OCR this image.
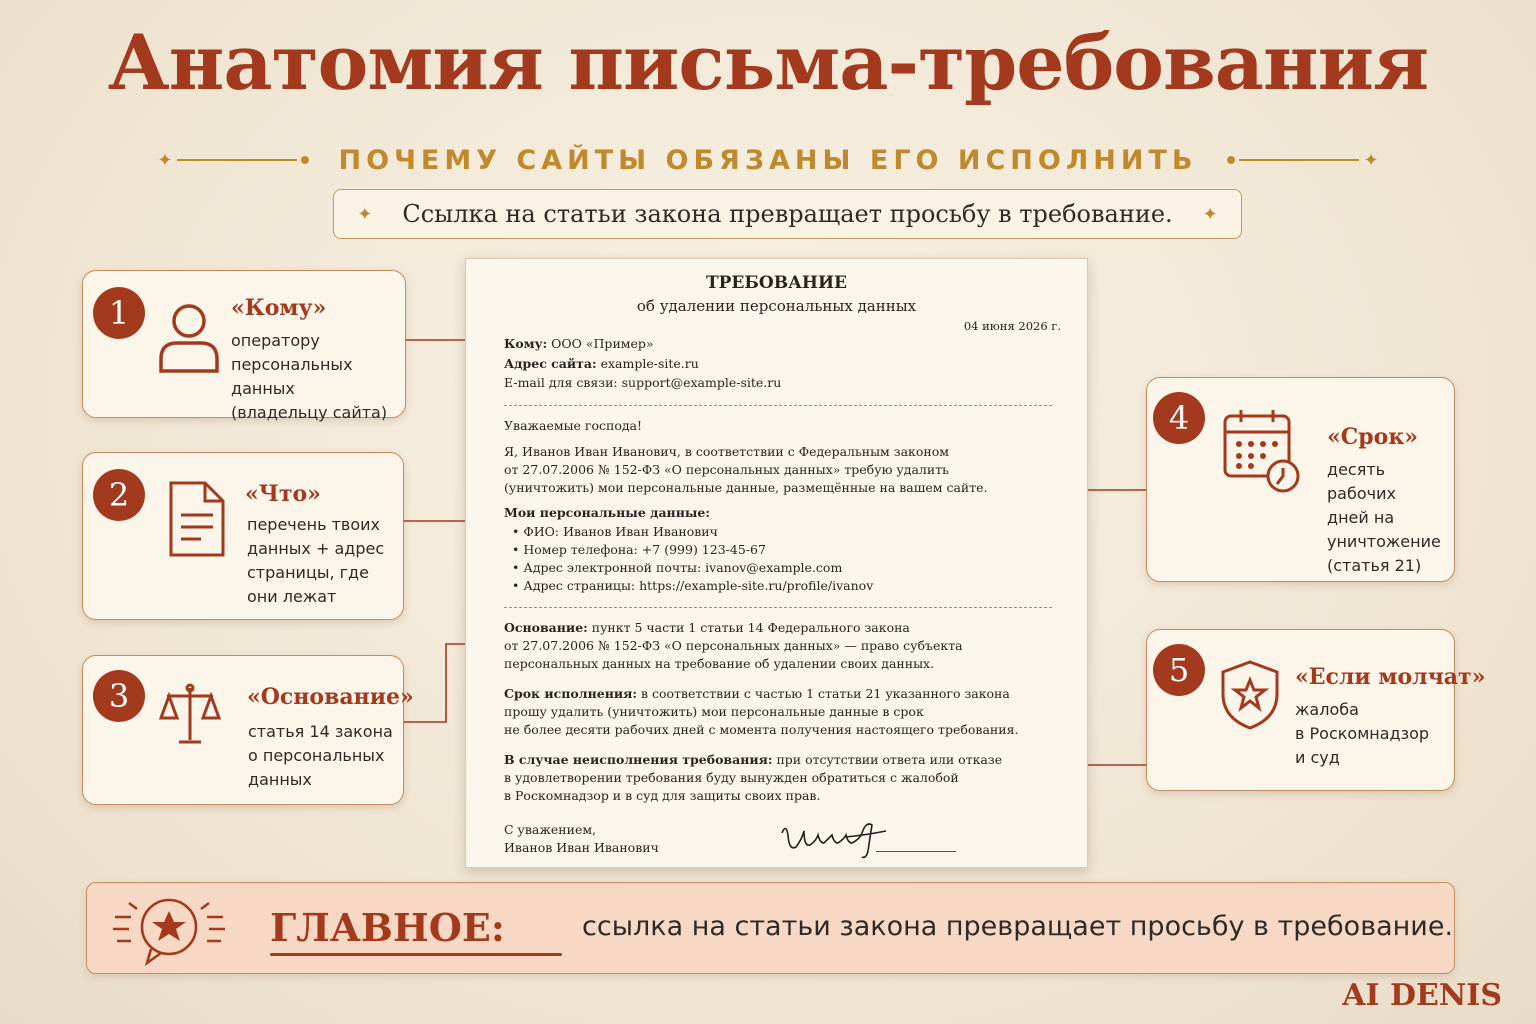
Анатомия письма-требования
✦	ПОЧЕМУ САЙТЫ ОБЯЗАНЫ ЕГО ИСПОЛНИТЬ	✦
✦ Ссылка на статьи закона превращает просьбу в требование. ✦
1	«Кому»
оператору
персональных данных
(владельцу сайта)
2	«Что»
перечень твоих
данных + адрес
страницы, где
они лежат
3	«Основание»
статья 14 закона
о персональных
данных
4	«Срок»
десять рабочих
дней на
уничтожение
(статья 21)
5	«Если молчат»
жалоба
в Роскомнадзор
и суд
ТРЕБОВАНИЕ
об удалении персональных данных
04 июня 2026 г.
Кому: ООО «Пример»
Адрес сайта: example-site.ru
E-mail для связи: support@example-site.ru
Уважаемые господа!
Я, Иванов Иван Иванович, в соответствии с Федеральным законом
от 27.07.2006 № 152-ФЗ «О персональных данных» требую удалить
(уничтожить) мои персональные данные, размещённые на вашем сайте.
Мои персональные данные:
• ФИО: Иванов Иван Иванович
• Номер телефона: +7 (999) 123-45-67
• Адрес электронной почты: ivanov@example.com
• Адрес страницы: https://example-site.ru/profile/ivanov
Основание: пункт 5 части 1 статьи 14 Федерального закона
от 27.07.2006 № 152-ФЗ «О персональных данных» — право субъекта
персональных данных на требование об удалении своих данных.
Срок исполнения: в соответствии с частью 1 статьи 21 указанного закона
прошу удалить (уничтожить) мои персональные данные в срок
не более десяти рабочих дней с момента получения настоящего требования.
В случае неисполнения требования: при отсутствии ответа или отказе
в удовлетворении требования буду вынужден обратиться с жалобой
в Роскомнадзор и в суд для защиты своих прав.
С уважением,
Иванов Иван Иванович
ГЛАВНОЕ:	ссылка на статьи закона превращает просьбу в требование.
AI DENIS
